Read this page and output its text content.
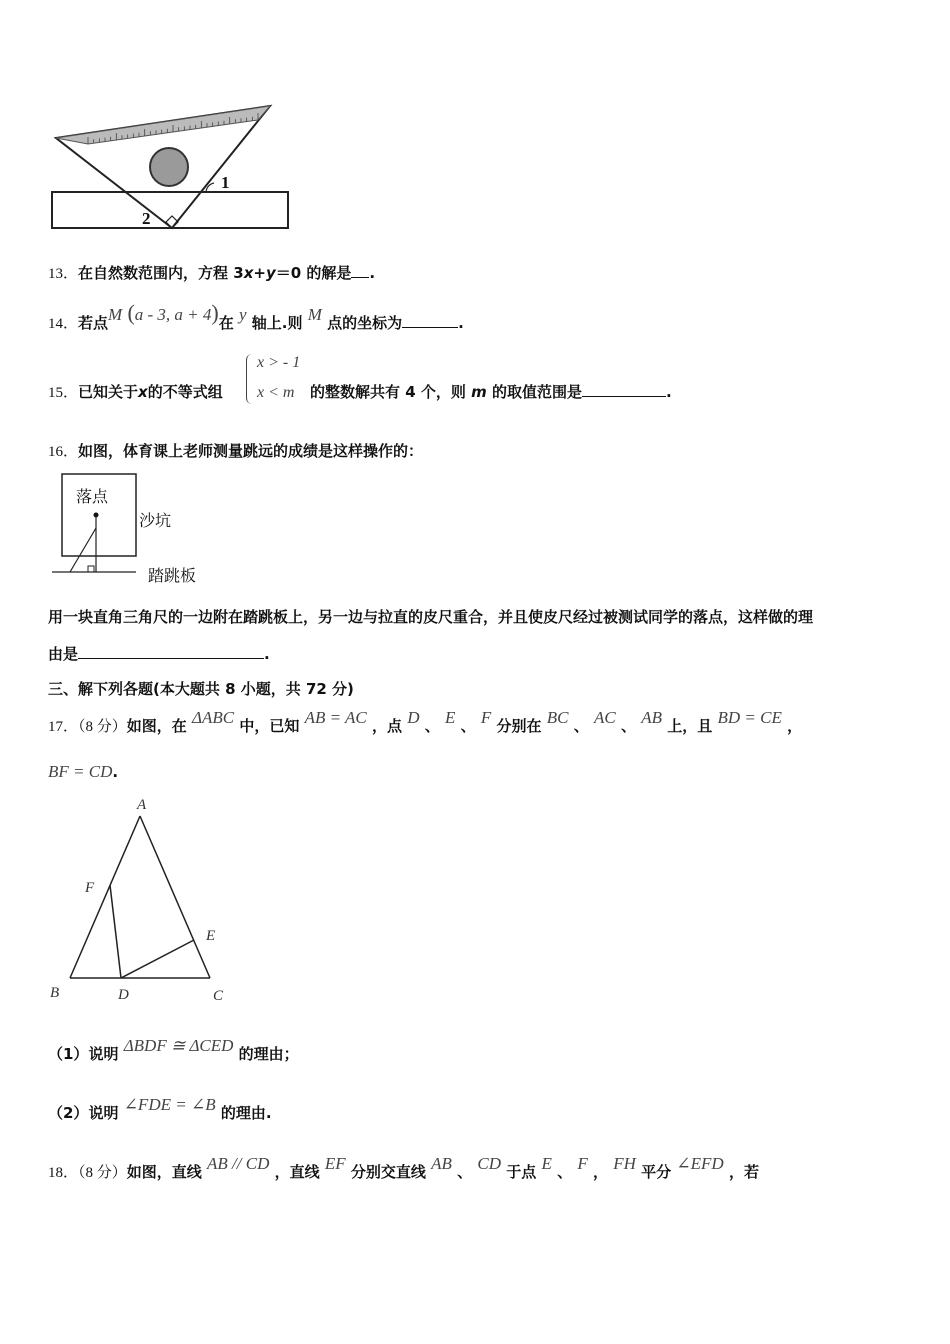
1
2
13．在自然数范围内，方程 3x+y＝0 的解是 .
14．若点M (a - 3, a + 4)在 y 轴上.则 M 点的坐标为	.
x > - 1
x < m
15．已知关于x的不等式组	的整数解共有 4 个，则 m 的取值范围是	.
16．如图，体育课上老师测量跳远的成绩是这样操作的：
落点
沙坑
踏跳板
用一块直角三角尺的一边附在踏跳板上，另一边与拉直的皮尺重合，并且使皮尺经过被测试同学的落点，这样做的理
由是	.
三、解下列各题(本大题共 8 小题，共 72 分)
17．（8 分）如图，在 ΔABC 中，已知 AB = AC ，点 D 、 E 、 F 分别在 BC 、 AC 、 AB 上，且 BD = CE ，
BF = CD.
A
F
E
B	D	C
（1）说明 ΔBDF ≅ ΔCED 的理由；
（2）说明 ∠FDE = ∠B 的理由.
18．（8 分）如图，直线 AB // CD ，直线 EF 分别交直线 AB 、 CD 于点 E 、 F ， FH 平分 ∠EFD ，若
